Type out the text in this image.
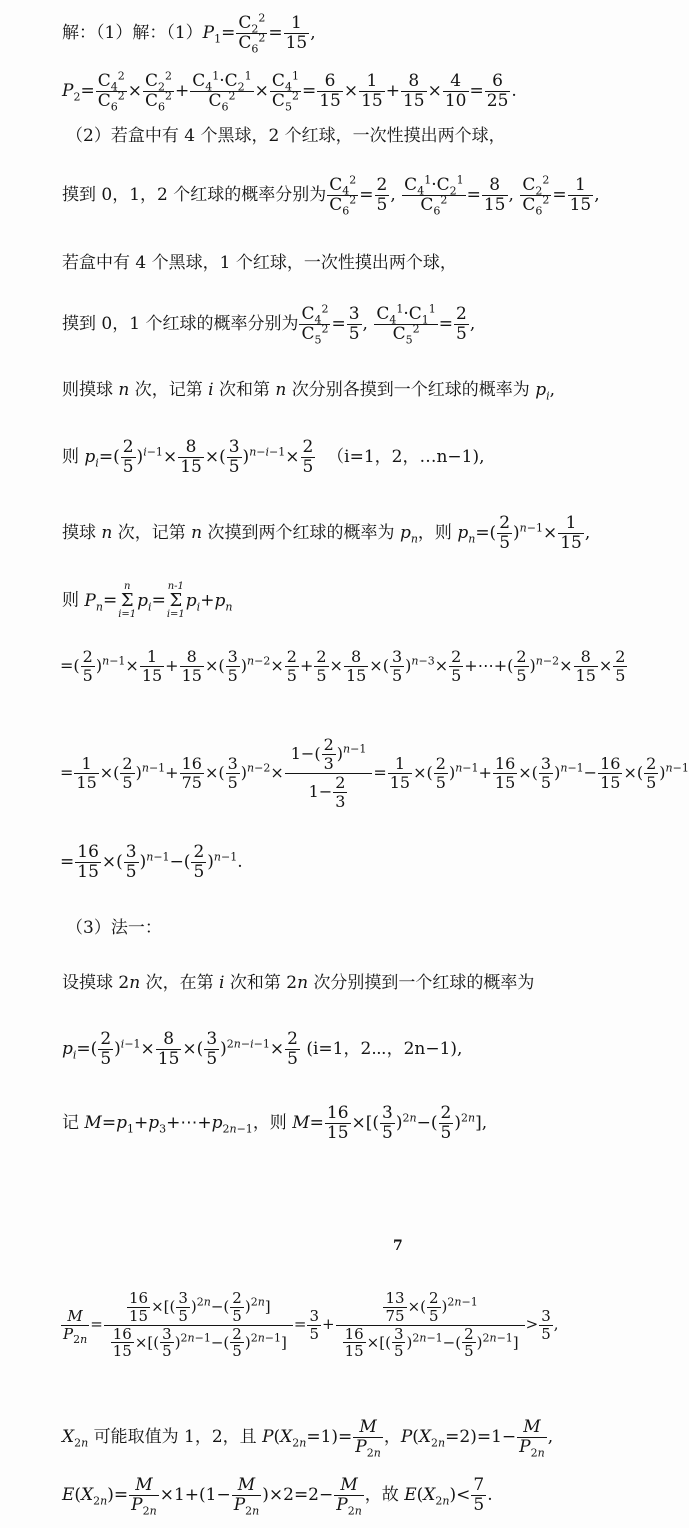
解：（1）解：$(1)P_1= \frac{C_2^2}{C_6^2} = \frac{1}{15}$ ,
$P_2= \frac{C_4^2}{C_6^2} \times \frac{C_2^2}{C_6^2} + \frac{C_4^1\cdot C_2^1}{C_6^2} \times \frac{C_4^1}{C_5^2} = \frac{6}{15} \times \frac{1}{15} + \frac{8}{15} \times \frac{4}{10} = \frac{6}{25}$ .
（2）若盒中有 4 个黑球，2 个红球，一次性摸出两个球，
摸到 0，1，2 个红球的概率分别为 $\frac{C_4^2}{C_6^2} = \frac{2}{5}$ , $\frac{C_4^1\cdot C_2^1}{C_6^2} = \frac{8}{15}$ , $\frac{C_2^2}{C_6^2} = \frac{1}{15}$ ,
若盒中有 4 个黑球，1 个红球，一次性摸出两个球，
摸到 0，1 个红球的概率分别为 $\frac{C_4^2}{C_5^2} = \frac{3}{5}$ , $\frac{C_4^1\cdot C_1^1}{C_5^2} = \frac{2}{5}$ ,
则摸球 n 次，记第 i 次和第 n 次分别各摸到一个红球的概率为 $p_i$,
则 $p_i=( \frac{2}{5} )^{i-1}\times \frac{8}{15}$ ×( $\frac{3}{5} )^{n-i-1}\times \frac{2}{5} (i=1$，2，…n−1),
摸球 n 次，记第 n 次摸到两个红球的概率为 $p_n$，则 $p_n=( \frac{2}{5} )^{n-1}\times \frac{1}{15}$ ,
则 $P_n=$
n
Σ
i=1
$p_i=$
n-1
Σ
i=1
$p_i+p_n$
=( $\frac{2}{5} )^{n-1}\times \frac{1}{15} + \frac{8}{15}$ ×( $\frac{3}{5} )^{n-2}\times \frac{2}{5} + \frac{2}{5} \times \frac{8}{15}$ ×( $\frac{3}{5} )^{n-3}\times \frac{2}{5}$ +⋯+( $\frac{2}{5} )^{n-2}\times \frac{8}{15} \times \frac{2}{5}$
= $\frac{1}{15}$ ×( $\frac{2}{5} )^{n-1}+ \frac{16}{75}$ ×( $\frac{3}{5} )^{n-2}\times \frac{1-( \frac{2}{3} )^{n-1}}{1- \frac{2}{3}} = \frac{1}{15}$ ×( $\frac{2}{5} )^{n-1}+ \frac{16}{15}$ ×( $\frac{3}{5} )^{n-1}- \frac{16}{15}$ ×( $\frac{2}{5} )^{n-1}$
= $\frac{16}{15}$ ×( $\frac{3}{5} )^{n-1}-( \frac{2}{5} )^{n-1}$.
（3）法一：
设摸球 2n 次，在第 i 次和第 2n 次分别摸到一个红球的概率为
$p_i=( \frac{2}{5} )^{i-1}\times \frac{8}{15}$ ×( $\frac{3}{5} )^{2n-i-1}\times \frac{2}{5} (i=1$，2⋯，2n−1),
记 $M=p_1+p_3+\cdots+p_{2n-1}$，则 $M= \frac{16}{15}$ ×[( $\frac{3}{5} )^{2n}-( \frac{2}{5} )^{2n}$],
7
$\frac{M}{P_{2n}} = \frac{\frac{16}{15} \times[( \frac{3}{5} )^{2n}-( \frac{2}{5} )^{2n}]}{\frac{16}{15} \times[( \frac{3}{5} )^{2n-1}-( \frac{2}{5} )^{2n-1}]} = \frac{3}{5} + \frac{\frac{13}{75} \times( \frac{2}{5} )^{2n-1}}{\frac{16}{15} \times[( \frac{3}{5} )^{2n-1}-( \frac{2}{5} )^{2n-1}]} > \frac{3}{5}$ ,
$X_{2n}$ 可能取值为 1，2，且 $P(X_{2n}=1)= \frac{M}{P_{2n}}$ ，$P(X_{2n}=2)=1- \frac{M}{P_{2n}}$ ,
$E(X_{2n})= \frac{M}{P_{2n}} \times 1+(1- \frac{M}{P_{2n}} )\times 2=2- \frac{M}{P_{2n}}$ ，故 $E(X_{2n})< \frac{7}{5}$ .
